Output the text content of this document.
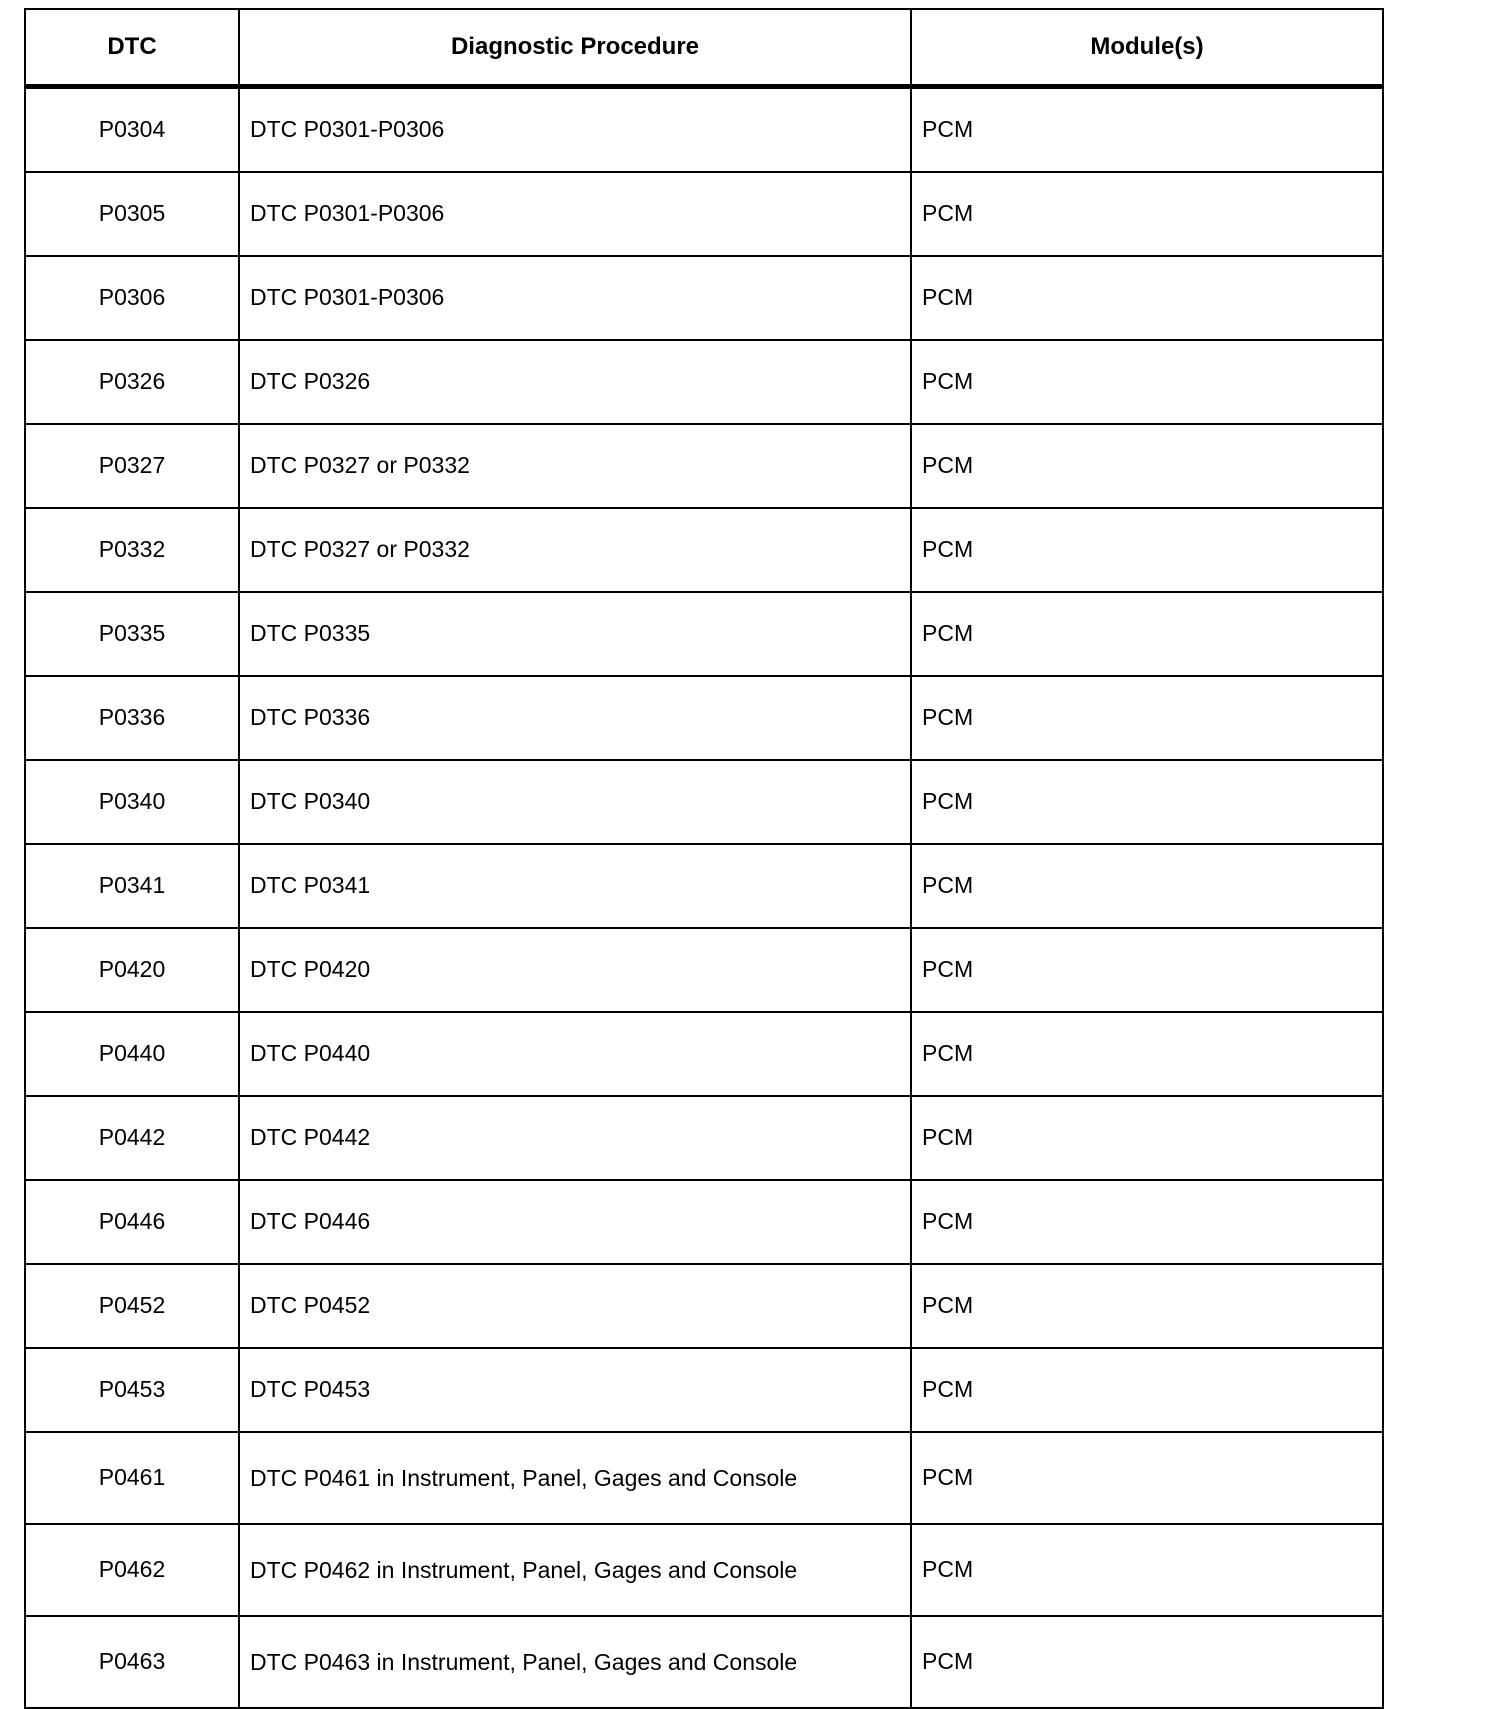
DTC	Diagnostic Procedure	Module(s)
P0304	DTC P0301-P0306	PCM
P0305	DTC P0301-P0306	PCM
P0306	DTC P0301-P0306	PCM
P0326	DTC P0326	PCM
P0327	DTC P0327 or P0332	PCM
P0332	DTC P0327 or P0332	PCM
P0335	DTC P0335	PCM
P0336	DTC P0336	PCM
P0340	DTC P0340	PCM
P0341	DTC P0341	PCM
P0420	DTC P0420	PCM
P0440	DTC P0440	PCM
P0442	DTC P0442	PCM
P0446	DTC P0446	PCM
P0452	DTC P0452	PCM
P0453	DTC P0453	PCM
P0461	DTC P0461 in Instrument, Panel, Gages and Console	PCM
P0462	DTC P0462 in Instrument, Panel, Gages and Console	PCM
P0463	DTC P0463 in Instrument, Panel, Gages and Console	PCM
